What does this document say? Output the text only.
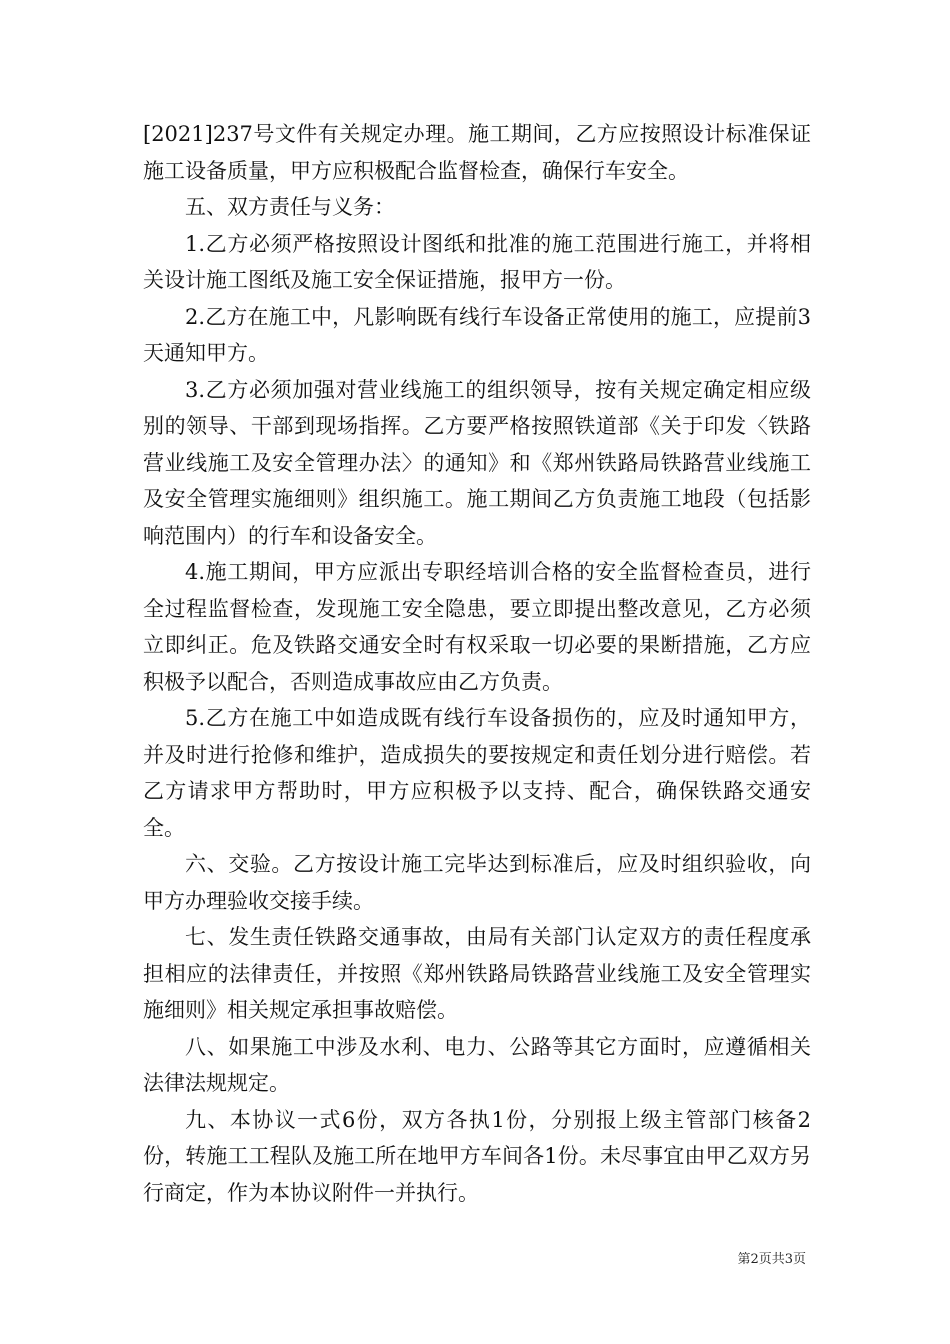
[2021]237号文件有关规定办理。施工期间，乙方应按照设计标准保证施工设备质量，甲方应积极配合监督检查，确保行车安全。

五、双方责任与义务：

1.乙方必须严格按照设计图纸和批准的施工范围进行施工，并将相关设计施工图纸及施工安全保证措施，报甲方一份。

2.乙方在施工中，凡影响既有线行车设备正常使用的施工，应提前3天通知甲方。

3.乙方必须加强对营业线施工的组织领导，按有关规定确定相应级别的领导、干部到现场指挥。乙方要严格按照铁道部《关于印发〈铁路营业线施工及安全管理办法〉的通知》和《郑州铁路局铁路营业线施工及安全管理实施细则》组织施工。施工期间乙方负责施工地段（包括影响范围内）的行车和设备安全。

4.施工期间，甲方应派出专职经培训合格的安全监督检查员，进行全过程监督检查，发现施工安全隐患，要立即提出整改意见，乙方必须立即纠正。危及铁路交通安全时有权采取一切必要的果断措施，乙方应积极予以配合，否则造成事故应由乙方负责。

5.乙方在施工中如造成既有线行车设备损伤的，应及时通知甲方，并及时进行抢修和维护，造成损失的要按规定和责任划分进行赔偿。若乙方请求甲方帮助时，甲方应积极予以支持、配合，确保铁路交通安全。

六、交验。乙方按设计施工完毕达到标准后，应及时组织验收，向甲方办理验收交接手续。

七、发生责任铁路交通事故，由局有关部门认定双方的责任程度承担相应的法律责任，并按照《郑州铁路局铁路营业线施工及安全管理实施细则》相关规定承担事故赔偿。

八、如果施工中涉及水利、电力、公路等其它方面时，应遵循相关法律法规规定。

九、本协议一式6份，双方各执1份，分别报上级主管部门核备2份，转施工工程队及施工所在地甲方车间各1份。未尽事宜由甲乙双方另行商定，作为本协议附件一并执行。

第2页共3页
